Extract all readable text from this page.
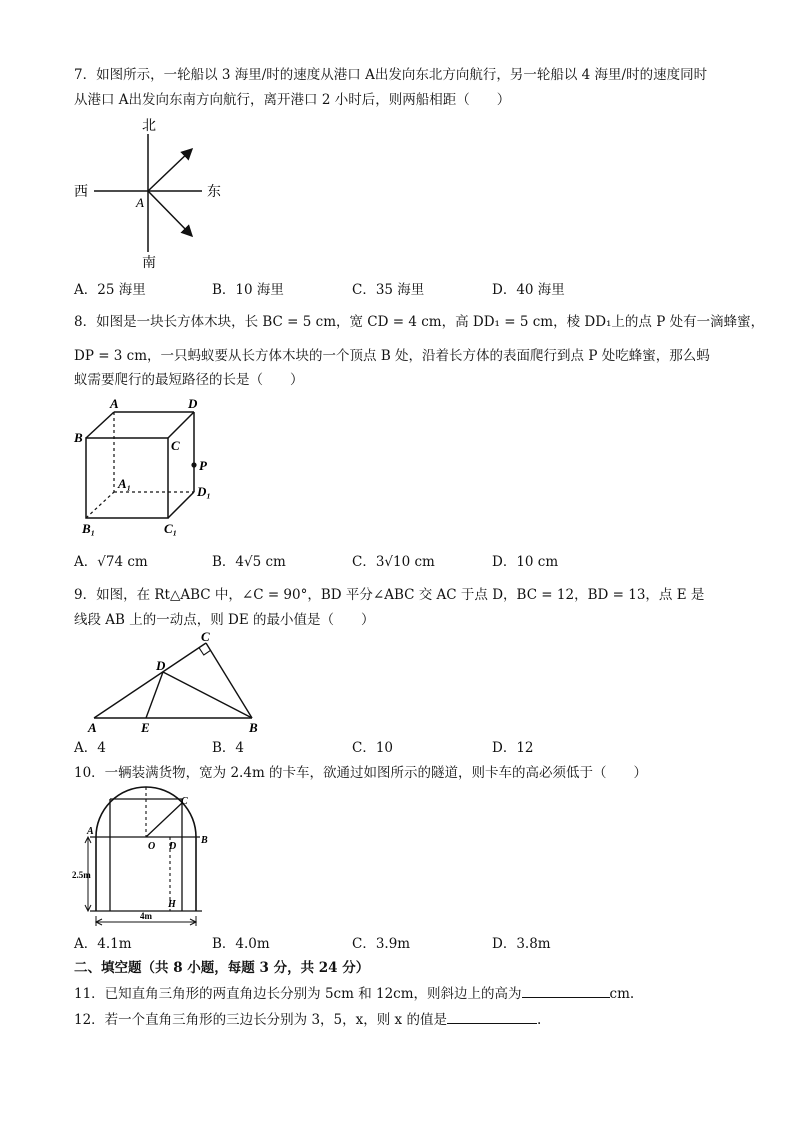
7．如图所示，一轮船以 3 海里/时的速度从港口 A出发向东北方向航行，另一轮船以 4 海里/时的速度同时
从港口 A出发向东南方向航行，离开港口 2 小时后，则两船相距（　　）
北
南
西	东
A
A．25 海里	B．10 海里	C．35 海里	D．40 海里
8．如图是一块长方体木块，长 BC = 5 cm，宽 CD = 4 cm，高 DD₁ = 5 cm，棱 DD₁上的点 P 处有一滴蜂蜜，
DP = 3 cm，一只蚂蚁要从长方体木块的一个顶点 B 处，沿着长方体的表面爬行到点 P 处吃蜂蜜，那么蚂
蚁需要爬行的最短路径的长是（　　）
A	D
B
C
P
A₁
D₁
B₁	C₁
A．√74 cm	B．4√5 cm	C．3√10 cm	D．10 cm
9．如图，在 Rt△ABC 中，∠C = 90°，BD 平分∠ABC 交 AC 于点 D，BC = 12，BD = 13，点 E 是
线段 AB 上的一动点，则 DE 的最小值是（　　）
A	B
C
D
E
A．4	B．4	C．10	D．12
10．一辆装满货物，宽为 2.4m 的卡车，欲通过如图所示的隧道，则卡车的高必须低于（　　）
A
B
C
O D
H
2.5m
4m
A．4.1m	B．4.0m	C．3.9m	D．3.8m
二、填空题（共 8 小题，每题 3 分，共 24 分）
11．已知直角三角形的两直角边长分别为 5cm 和 12cm，则斜边上的高为	cm.
12．若一个直角三角形的三边长分别为 3，5，x，则 x 的值是	.
